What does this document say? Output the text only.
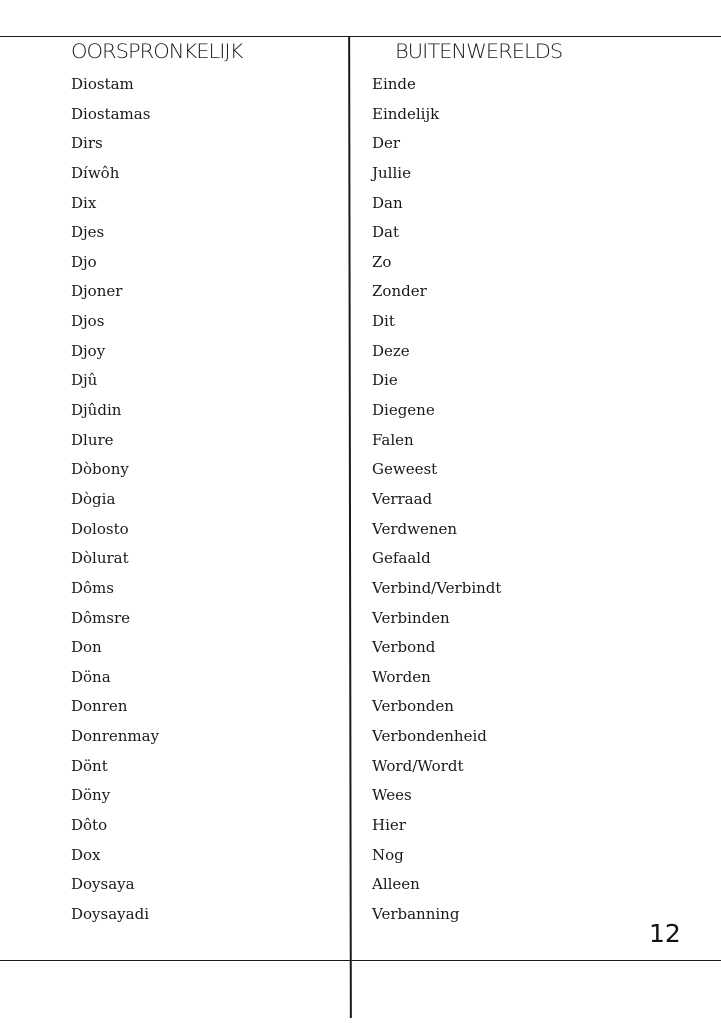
OORSPRONKELIJK	BUITENWERELDS
Diostam
Diostamas
Dirs
Díwôh
Dix
Djes
Djo
Djoner
Djos
Djoy
Djû
Djûdin
Dlure
Dòbony
Dògia
Dolosto
Dòlurat
Dôms
Dômsre
Don
Döna
Donren
Donrenmay
Dönt
Döny
Dôto
Dox
Doysaya
Doysayadi
Einde
Eindelijk
Der
Jullie
Dan
Dat
Zo
Zonder
Dit
Deze
Die
Diegene
Falen
Geweest
Verraad
Verdwenen
Gefaald
Verbind/Verbindt
Verbinden
Verbond
Worden
Verbonden
Verbondenheid
Word/Wordt
Wees
Hier
Nog
Alleen
Verbanning
12
